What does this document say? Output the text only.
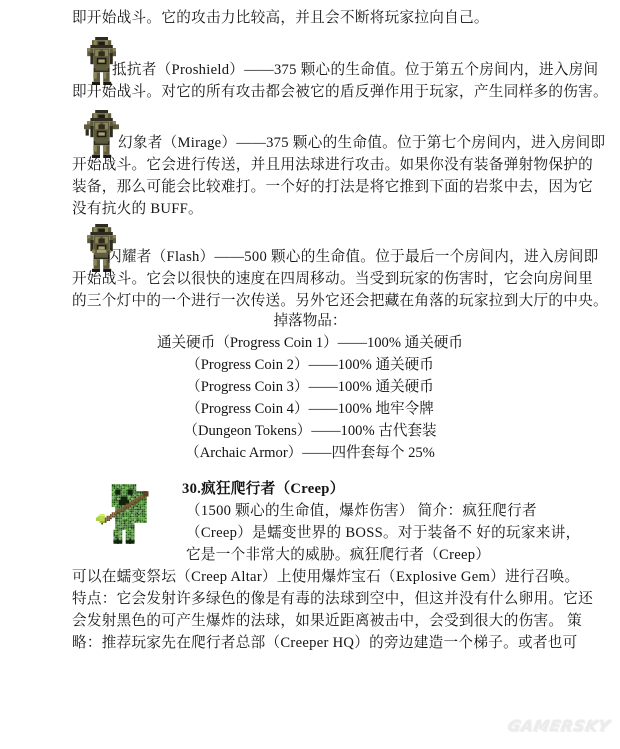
即开始战斗。它的攻击力比较高，并且会不断将玩家拉向自己。
抵抗者（Proshield）——375 颗心的生命值。位于第五个房间内，进入房间
即开始战斗。对它的所有攻击都会被它的盾反弹作用于玩家，产生同样多的伤害。
幻象者（Mirage）——375 颗心的生命值。位于第七个房间内，进入房间即
开始战斗。它会进行传送，并且用法球进行攻击。如果你没有装备弹射物保护的
装备，那么可能会比较难打。一个好的打法是将它推到下面的岩浆中去，因为它
没有抗火的 BUFF。
闪耀者（Flash）——500 颗心的生命值。位于最后一个房间内，进入房间即
开始战斗。它会以很快的速度在四周移动。当受到玩家的伤害时，它会向房间里
的三个灯中的一个进行一次传送。另外它还会把藏在角落的玩家拉到大厅的中央。
掉落物品：
通关硬币（Progress Coin 1）——100% 通关硬币
（Progress Coin 2）——100% 通关硬币
（Progress Coin 3）——100% 通关硬币
（Progress Coin 4）——100% 地牢令牌
（Dungeon Tokens）——100% 古代套装
（Archaic Armor）——四件套每个 25%
30.疯狂爬行者（Creep）
（1500 颗心的生命值，爆炸伤害） 简介：疯狂爬行者
（Creep）是蠕变世界的 BOSS。对于装备不 好的玩家来讲，
它是一个非常大的威胁。疯狂爬行者（Creep）
可以在蠕变祭坛（Creep Altar）上使用爆炸宝石（Explosive Gem）进行召唤。
特点：它会发射许多绿色的像是有毒的法球到空中，但这并没有什么卵用。它还
会发射黑色的可产生爆炸的法球，如果近距离被击中，会受到很大的伤害。 策
略：推荐玩家先在爬行者总部（Creeper HQ）的旁边建造一个梯子。或者也可
GAMERSKY
